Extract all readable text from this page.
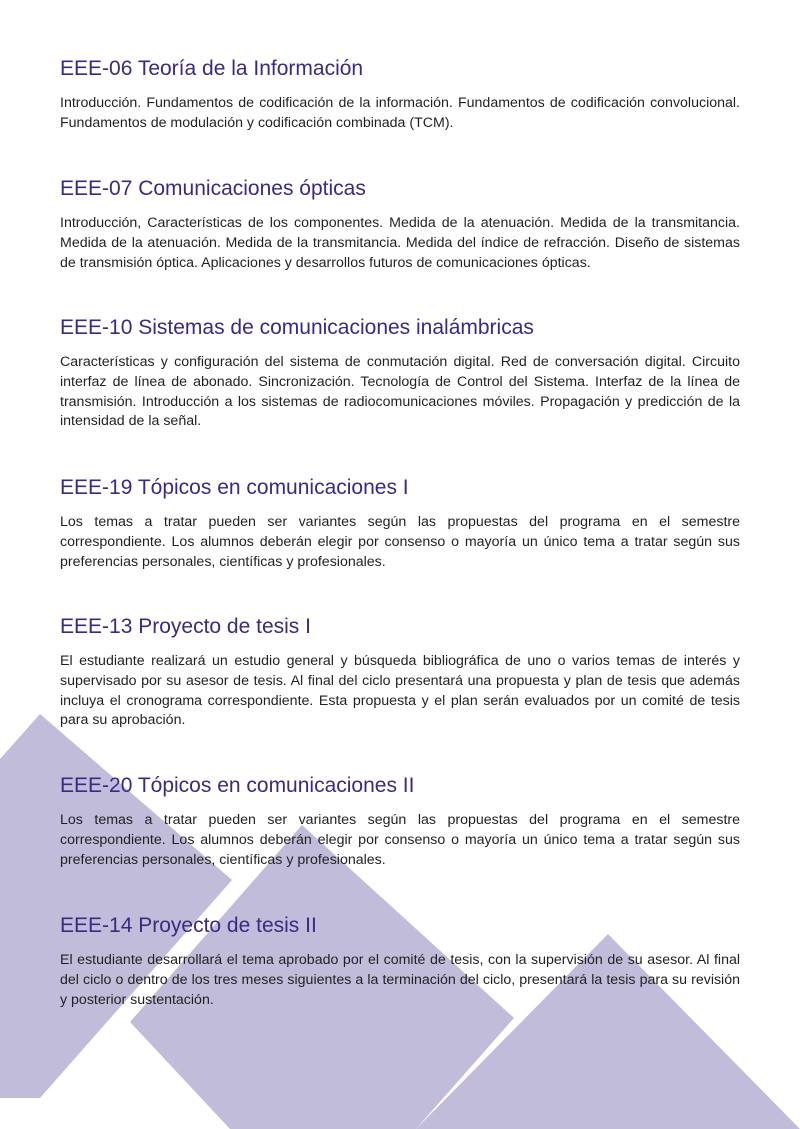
EEE-06 Teoría de la Información

Introducción. Fundamentos de codificación de la información. Fundamentos de codificación convolucional. Fundamentos de modulación y codificación combinada (TCM).

EEE-07 Comunicaciones ópticas

Introducción, Características de los componentes. Medida de la atenuación. Medida de la transmitancia. Medida de la atenuación. Medida de la transmitancia. Medida del índice de refracción. Diseño de sistemas de transmisión óptica. Aplicaciones y desarrollos futuros de comunicaciones ópticas.

EEE-10 Sistemas de comunicaciones inalámbricas

Características y configuración del sistema de conmutación digital. Red de conversación digital. Circuito interfaz de línea de abonado. Sincronización. Tecnología de Control del Sistema. Interfaz de la línea de transmisión. Introducción a los sistemas de radiocomunicaciones móviles. Propagación y predicción de la intensidad de la señal.

EEE-19 Tópicos en comunicaciones I

Los temas a tratar pueden ser variantes según las propuestas del programa en el semestre correspondiente. Los alumnos deberán elegir por consenso o mayoría un único tema a tratar según sus preferencias personales, científicas y profesionales.

EEE-13 Proyecto de tesis I

El estudiante realizará un estudio general y búsqueda bibliográfica de uno o varios temas de interés y supervisado por su asesor de tesis. Al final del ciclo presentará una propuesta y plan de tesis que además incluya el cronograma correspondiente. Esta propuesta y el plan serán evaluados por un comité de tesis para su aprobación.

EEE-20 Tópicos en comunicaciones II

Los temas a tratar pueden ser variantes según las propuestas del programa en el semestre correspondiente. Los alumnos deberán elegir por consenso o mayoría un único tema a tratar según sus preferencias personales, científicas y profesionales.

EEE-14 Proyecto de tesis II

El estudiante desarrollará el tema aprobado por el comité de tesis, con la supervisión de su asesor. Al final del ciclo o dentro de los tres meses siguientes a la terminación del ciclo, presentará la tesis para su revisión y posterior sustentación.
